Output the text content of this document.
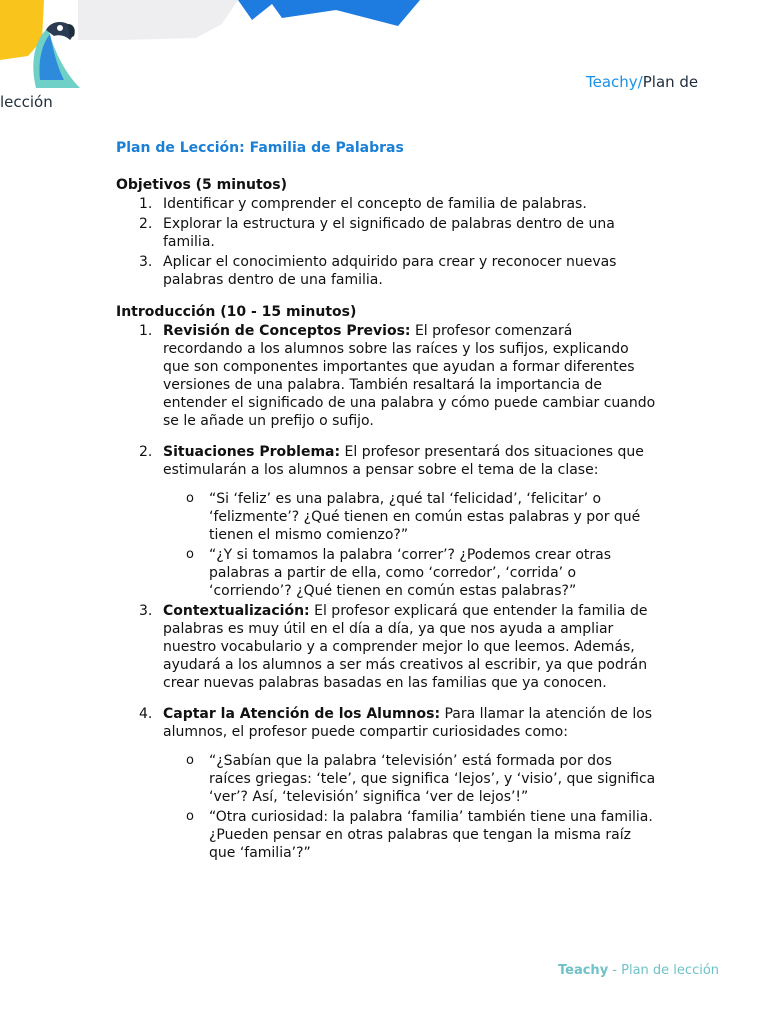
Teachy/Plan de
lección
Plan de Lección: Familia de Palabras
Objetivos (5 minutos)
1. Identificar y comprender el concepto de familia de palabras.
2. Explorar la estructura y el significado de palabras dentro de una familia.
3. Aplicar el conocimiento adquirido para crear y reconocer nuevas palabras dentro de una familia.
Introducción (10 - 15 minutos)
1. Revisión de Conceptos Previos: El profesor comenzará recordando a los alumnos sobre las raíces y los sufijos, explicando que son componentes importantes que ayudan a formar diferentes versiones de una palabra. También resaltará la importancia de entender el significado de una palabra y cómo puede cambiar cuando se le añade un prefijo o sufijo.
2. Situaciones Problema: El profesor presentará dos situaciones que estimularán a los alumnos a pensar sobre el tema de la clase:
o “Si ‘feliz’ es una palabra, ¿qué tal ‘felicidad’, ‘felicitar’ o ‘felizmente’? ¿Qué tienen en común estas palabras y por qué tienen el mismo comienzo?”
o “¿Y si tomamos la palabra ‘correr’? ¿Podemos crear otras palabras a partir de ella, como ‘corredor’, ‘corrida’ o ‘corriendo’? ¿Qué tienen en común estas palabras?”
3. Contextualización: El profesor explicará que entender la familia de palabras es muy útil en el día a día, ya que nos ayuda a ampliar nuestro vocabulario y a comprender mejor lo que leemos. Además, ayudará a los alumnos a ser más creativos al escribir, ya que podrán crear nuevas palabras basadas en las familias que ya conocen.
4. Captar la Atención de los Alumnos: Para llamar la atención de los alumnos, el profesor puede compartir curiosidades como:
o “¿Sabían que la palabra ‘televisión’ está formada por dos raíces griegas: ‘tele’, que significa ‘lejos’, y ‘visio’, que significa ‘ver’? Así, ‘televisión’ significa ‘ver de lejos’!”
o “Otra curiosidad: la palabra ‘familia’ también tiene una familia. ¿Pueden pensar en otras palabras que tengan la misma raíz que ‘familia’?”
Teachy - Plan de lección
